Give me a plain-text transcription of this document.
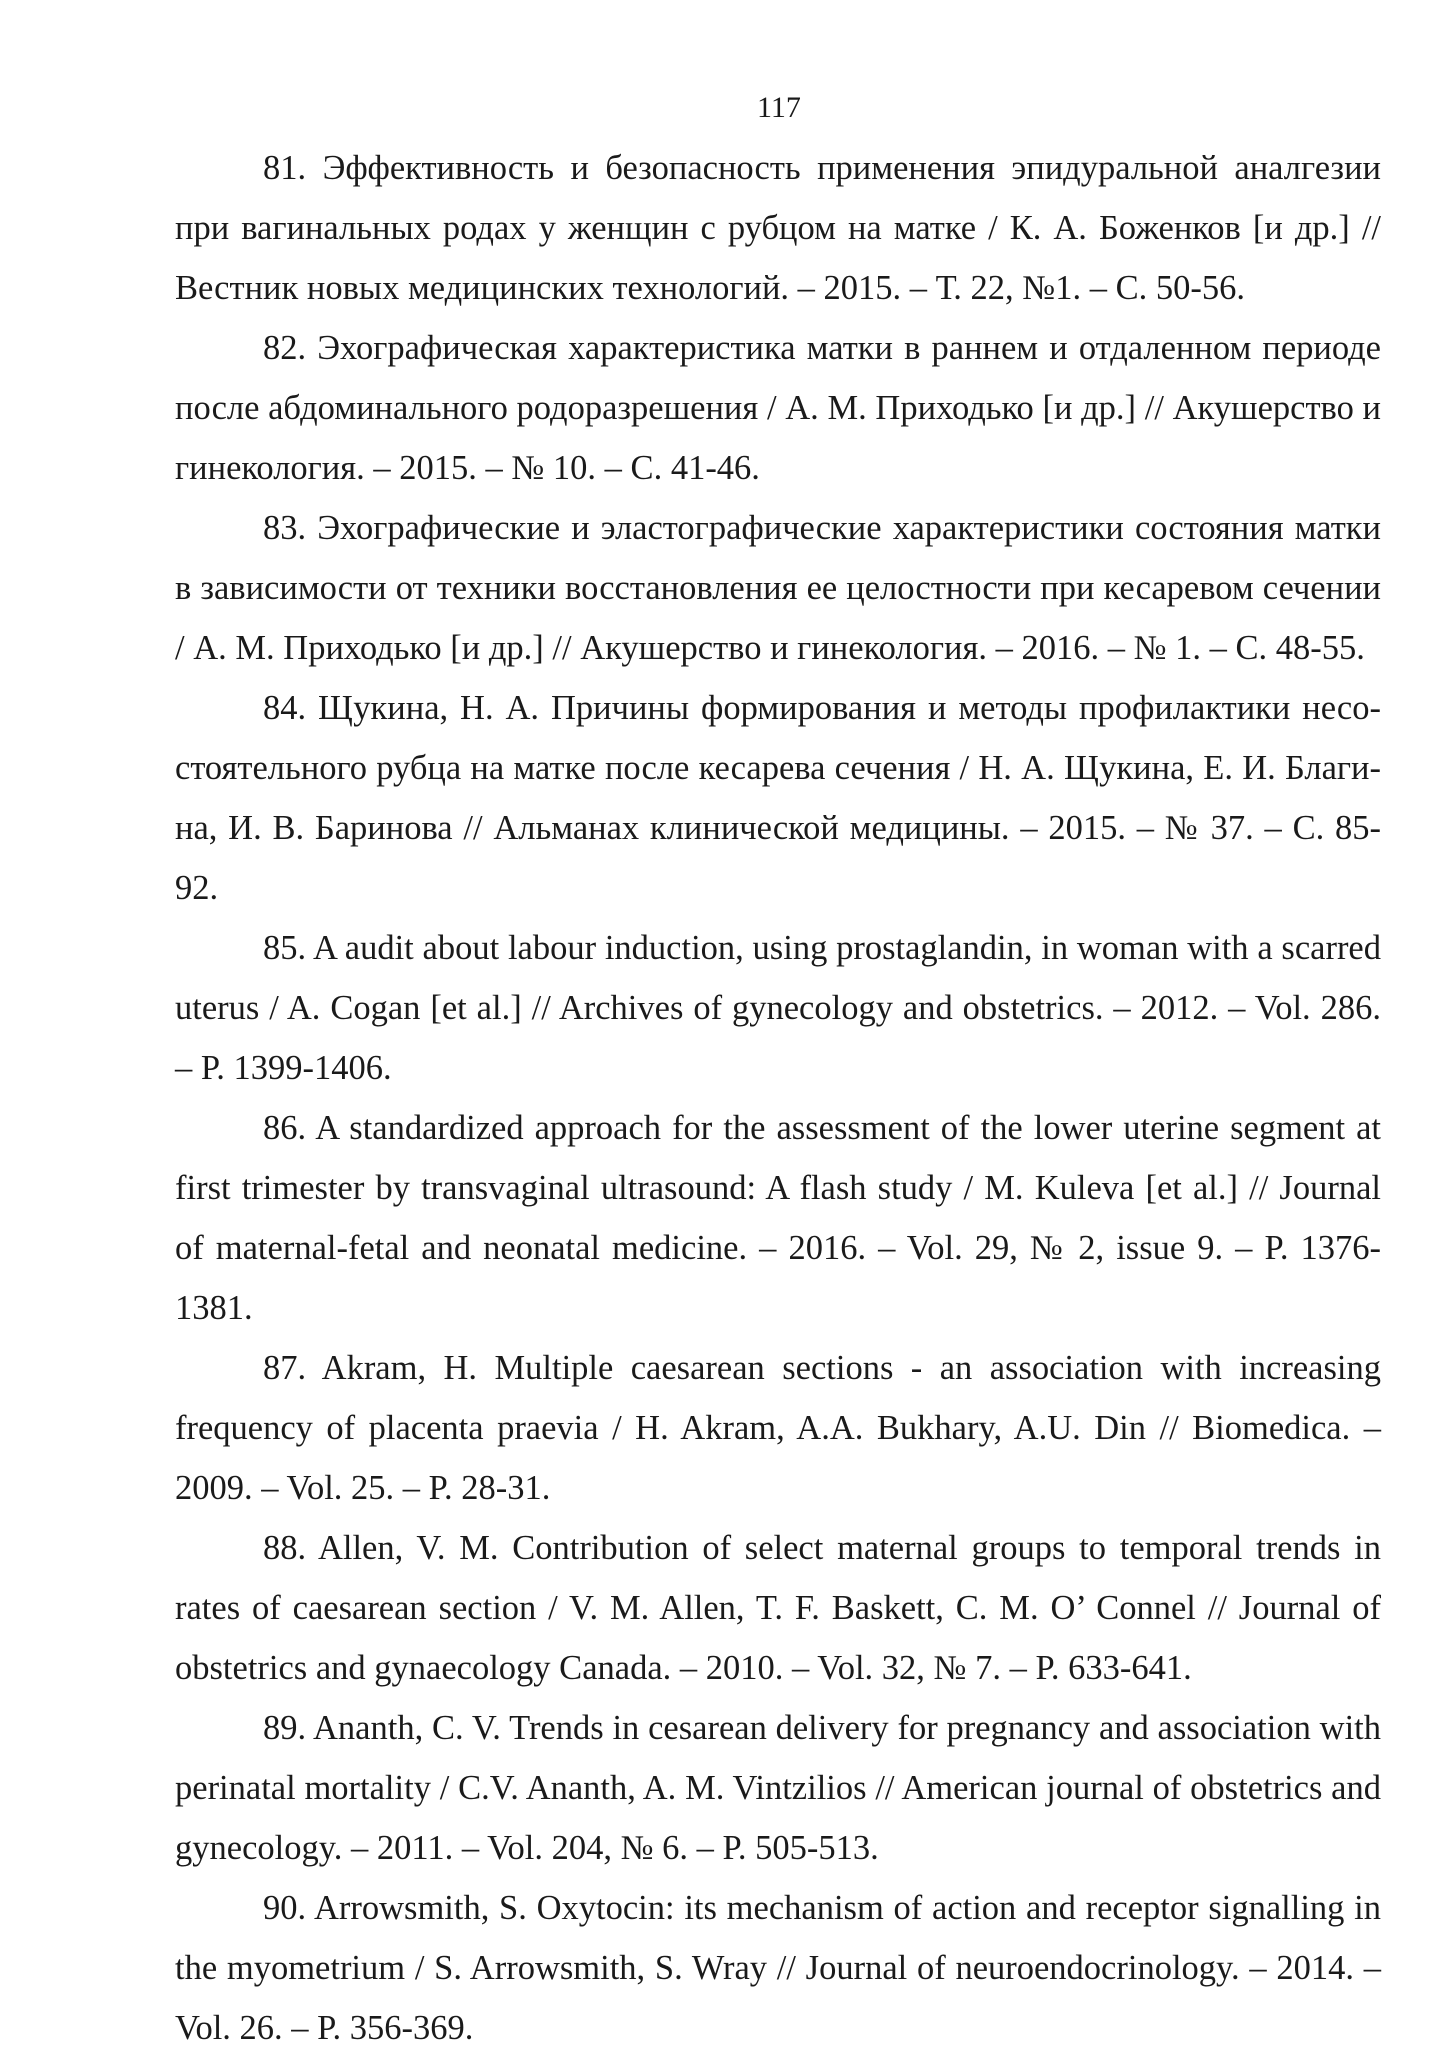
117
81. Эффективность и безопасность применения эпидуральной аналгезии при вагинальных родах у женщин с рубцом на матке / К. А. Боженков [и др.] // Вестник новых медицинских технологий. – 2015. – Т. 22, №1. – С. 50-56.
82. Эхографическая характеристика матки в раннем и отдаленном периоде после абдоминального родоразрешения / А. М. Приходько [и др.] // Акушерство и гинекология. – 2015. – № 10. – С. 41-46.
83. Эхографические и эластографические характеристики состояния матки в зависимости от техники восстановления ее целостности при кесаревом сечении / А. М. Приходько [и др.] // Акушерство и гинекология. – 2016. – № 1. – С. 48-55.
84. Щукина, Н. А. Причины формирования и методы профилактики несостоятельного рубца на матке после кесарева сечения / Н. А. Щукина, Е. И. Благина, И. В. Баринова // Альманах клинической медицины. – 2015. – № 37. – С. 85-92.
85. A audit about labour induction, using prostaglandin, in woman with a scarred uterus / A. Cogan [et al.] // Archives of gynecology and obstetrics. – 2012. – Vol. 286. – P. 1399-1406.
86. A standardized approach for the assessment of the lower uterine segment at first trimester by transvaginal ultrasound: A flash study / M. Kuleva [et al.] // Journal of maternal-fetal and neonatal medicine. – 2016. – Vol. 29, № 2, issue 9. – P. 1376-1381.
87. Akram, H. Multiple caesarean sections - an association with increasing frequency of placenta praevia / H. Akram, A.A. Bukhary, A.U. Din // Biomedica. – 2009. – Vol. 25. – P. 28-31.
88. Allen, V. M. Contribution of select maternal groups to temporal trends in rates of caesarean section / V. M. Allen, T. F. Baskett, C. M. O’ Connel // Journal of obstetrics and gynaecology Canada. – 2010. – Vol. 32, № 7. – P. 633-641.
89. Ananth, C. V. Trends in cesarean delivery for pregnancy and association with perinatal mortality / C.V. Ananth, A. M. Vintzilios // American journal of obstetrics and gynecology. – 2011. – Vol. 204, № 6. – P. 505-513.
90. Arrowsmith, S. Oxytocin: its mechanism of action and receptor signalling in the myometrium / S. Arrowsmith, S. Wray // Journal of neuroendocrinology. – 2014. – Vol. 26. – P. 356-369.
